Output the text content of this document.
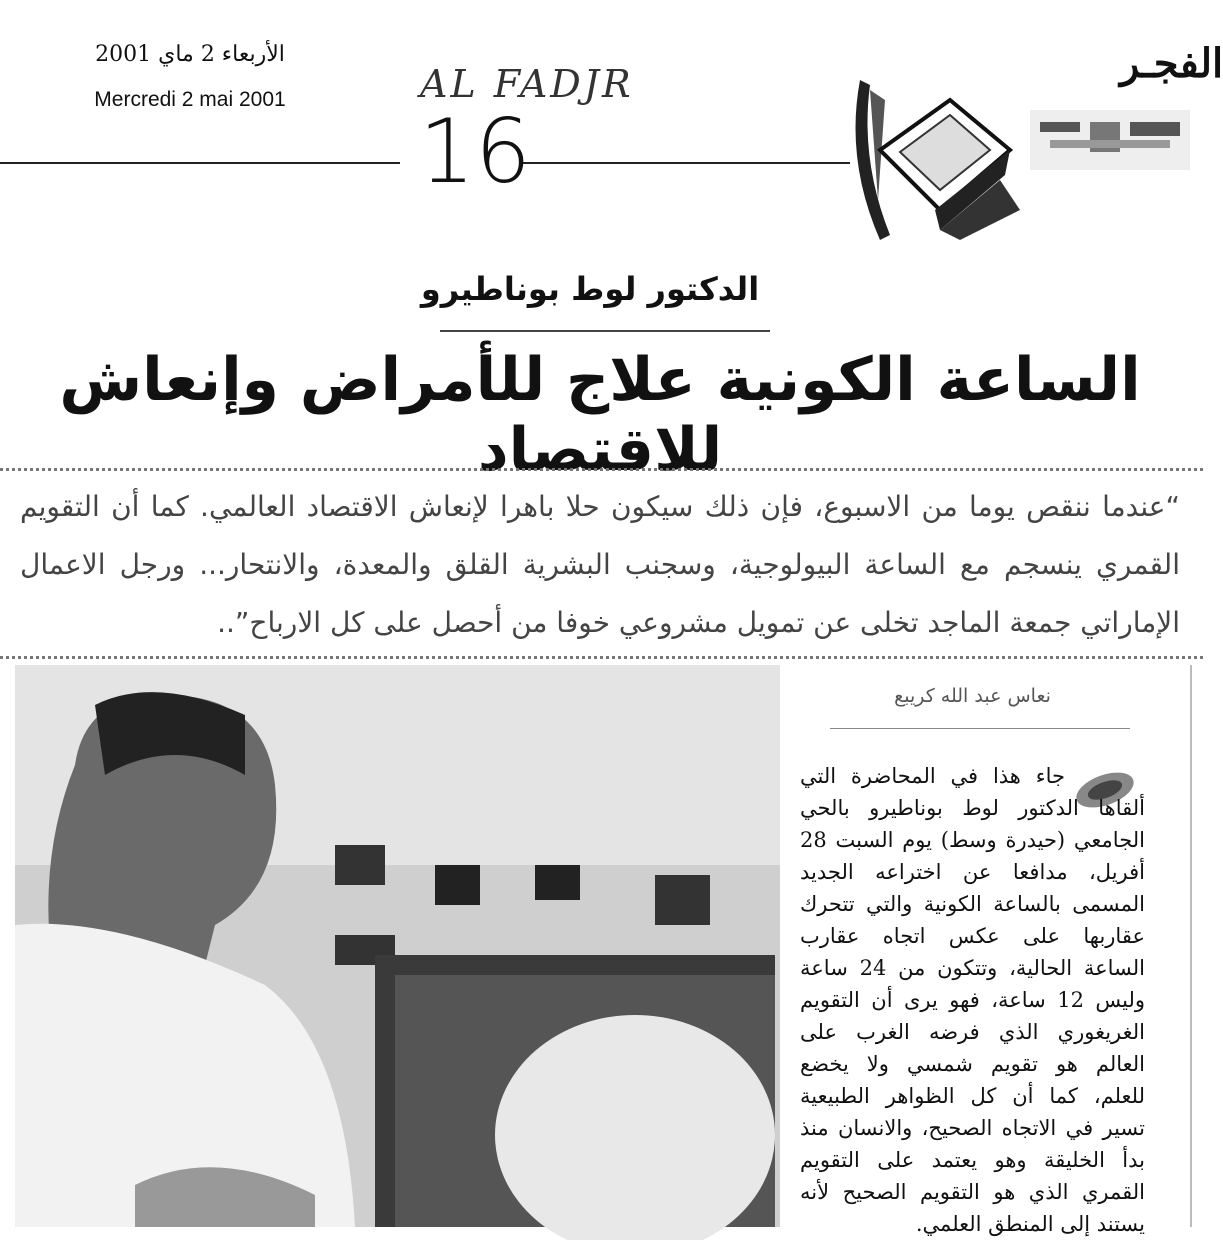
الأربعاء 2 ماي 2001
Mercredi 2 mai 2001	AL FADJR
16
الفجـر
الدكتور لوط بوناطيرو
الساعة الكونية علاج للأمراض وإنعاش للاقتصاد
“عندما ننقص يوما من الاسبوع، فإن ذلك سيكون حلا باهرا لإنعاش الاقتصاد العالمي. كما أن التقويم القمري ينسجم مع الساعة البيولوجية، وسجنب البشرية القلق والمعدة، والانتحار... ورجل الاعمال الإماراتي جمعة الماجد تخلى عن تمويل مشروعي خوفا من أحصل على كل الارباح”..
نعاس عبد الله كريبع

جاء هذا في المحاضرة التي ألقاها الدكتور لوط بوناطيرو بالحي الجامعي (حيدرة وسط) يوم السبت 28 أفريل، مدافعا عن اختراعه الجديد المسمى بالساعة الكونية والتي تتحرك عقاربها على عكس اتجاه عقارب الساعة الحالية، وتتكون من 24 ساعة وليس 12 ساعة، فهو يرى أن التقويم الغريغوري الذي فرضه الغرب على العالم هو تقويم شمسي ولا يخضع للعلم، كما أن كل الظواهر الطبيعية تسير في الاتجاه الصحيح، والانسان منذ بدأ الخليقة وهو يعتمد على التقويم القمري الذي هو التقويم الصحيح لأنه يستند إلى المنطق العلمي.
